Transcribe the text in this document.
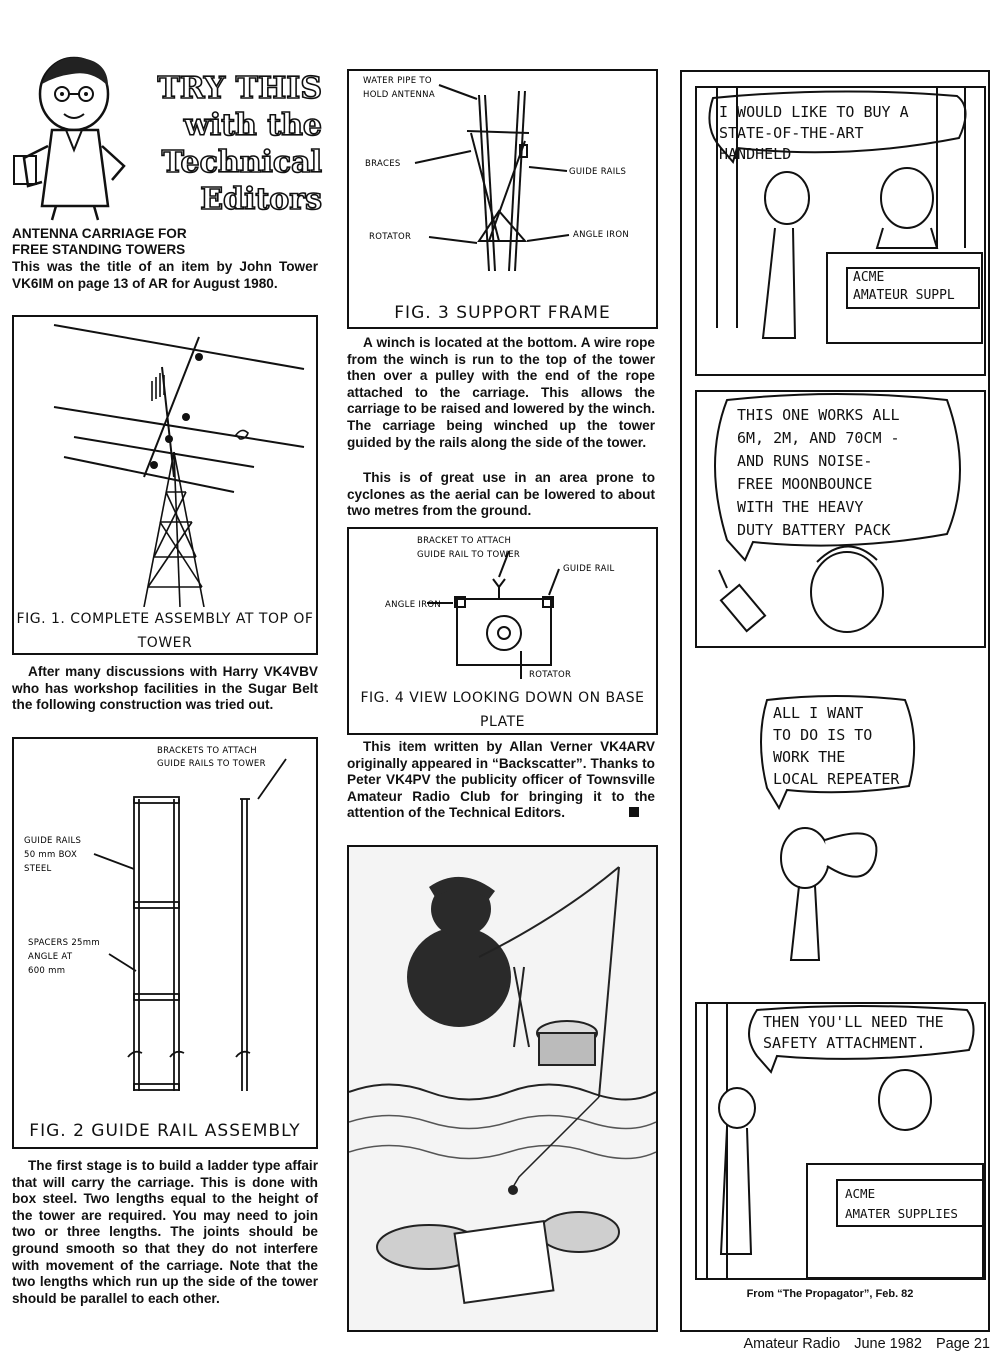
TRY THIS
with the
Technical
Editors
ANTENNA CARRIAGE FOR
FREE STANDING TOWERS

This was the title of an item by John Tower VK6IM on page 13 of AR for August 1980.

FIG. 1. COMPLETE ASSEMBLY AT TOP OF
TOWER

After many discussions with Harry VK4VBV who has workshop facilities in the Sugar Belt the following construction was tried out.

BRACKETS TO ATTACH
GUIDE RAILS TO TOWER
GUIDE RAILS
50 mm BOX
STEEL
SPACERS 25mm
ANGLE AT
600 mm
FIG. 2 GUIDE RAIL ASSEMBLY

The first stage is to build a ladder type affair that will carry the carriage. This is done with box steel. Two lengths equal to the height of the tower are required. You may need to join two or three lengths. The joints should be ground smooth so that they do not interfere with movement of the carriage. Note that the two lengths which run up the side of the tower should be parallel to each other.

WATER PIPE TO
HOLD ANTENNA
BRACES
ROTATOR
GUIDE RAILS
ANGLE IRON
FIG. 3 SUPPORT FRAME

A winch is located at the bottom. A wire rope from the winch is run to the top of the tower then over a pulley with the end of the rope attached to the carriage. This allows the carriage to be raised and lowered by the winch. The carriage being winched up the tower guided by the rails along the side of the tower.

This is of great use in an area prone to cyclones as the aerial can be lowered to about two metres from the ground.

BRACKET TO ATTACH
GUIDE RAIL TO TOWER
GUIDE RAIL
ANGLE IRON
ROTATOR
FIG. 4 VIEW LOOKING DOWN ON BASE
PLATE

This item written by Allan Verner VK4ARV originally appeared in “Backscatter”. Thanks to Peter VK4PV the publicity officer of Townsville Amateur Radio Club for bringing it to the attention of the Technical Editors.

I WOULD LIKE TO BUY A
STATE-OF-THE-ART
HANDHELD
ACME
AMATEUR SUPPL
THIS ONE WORKS ALL
6M, 2M, AND 70CM -
AND RUNS NOISE-
FREE MOONBOUNCE
WITH THE HEAVY
DUTY BATTERY PACK
ALL I WANT
TO DO IS TO
WORK THE
LOCAL REPEATER
THEN YOU'LL NEED THE
SAFETY ATTACHMENT.
ACME
AMATER SUPPLIES
From “The Propagator”, Feb. 82
Amateur Radio June 1982 Page 21
